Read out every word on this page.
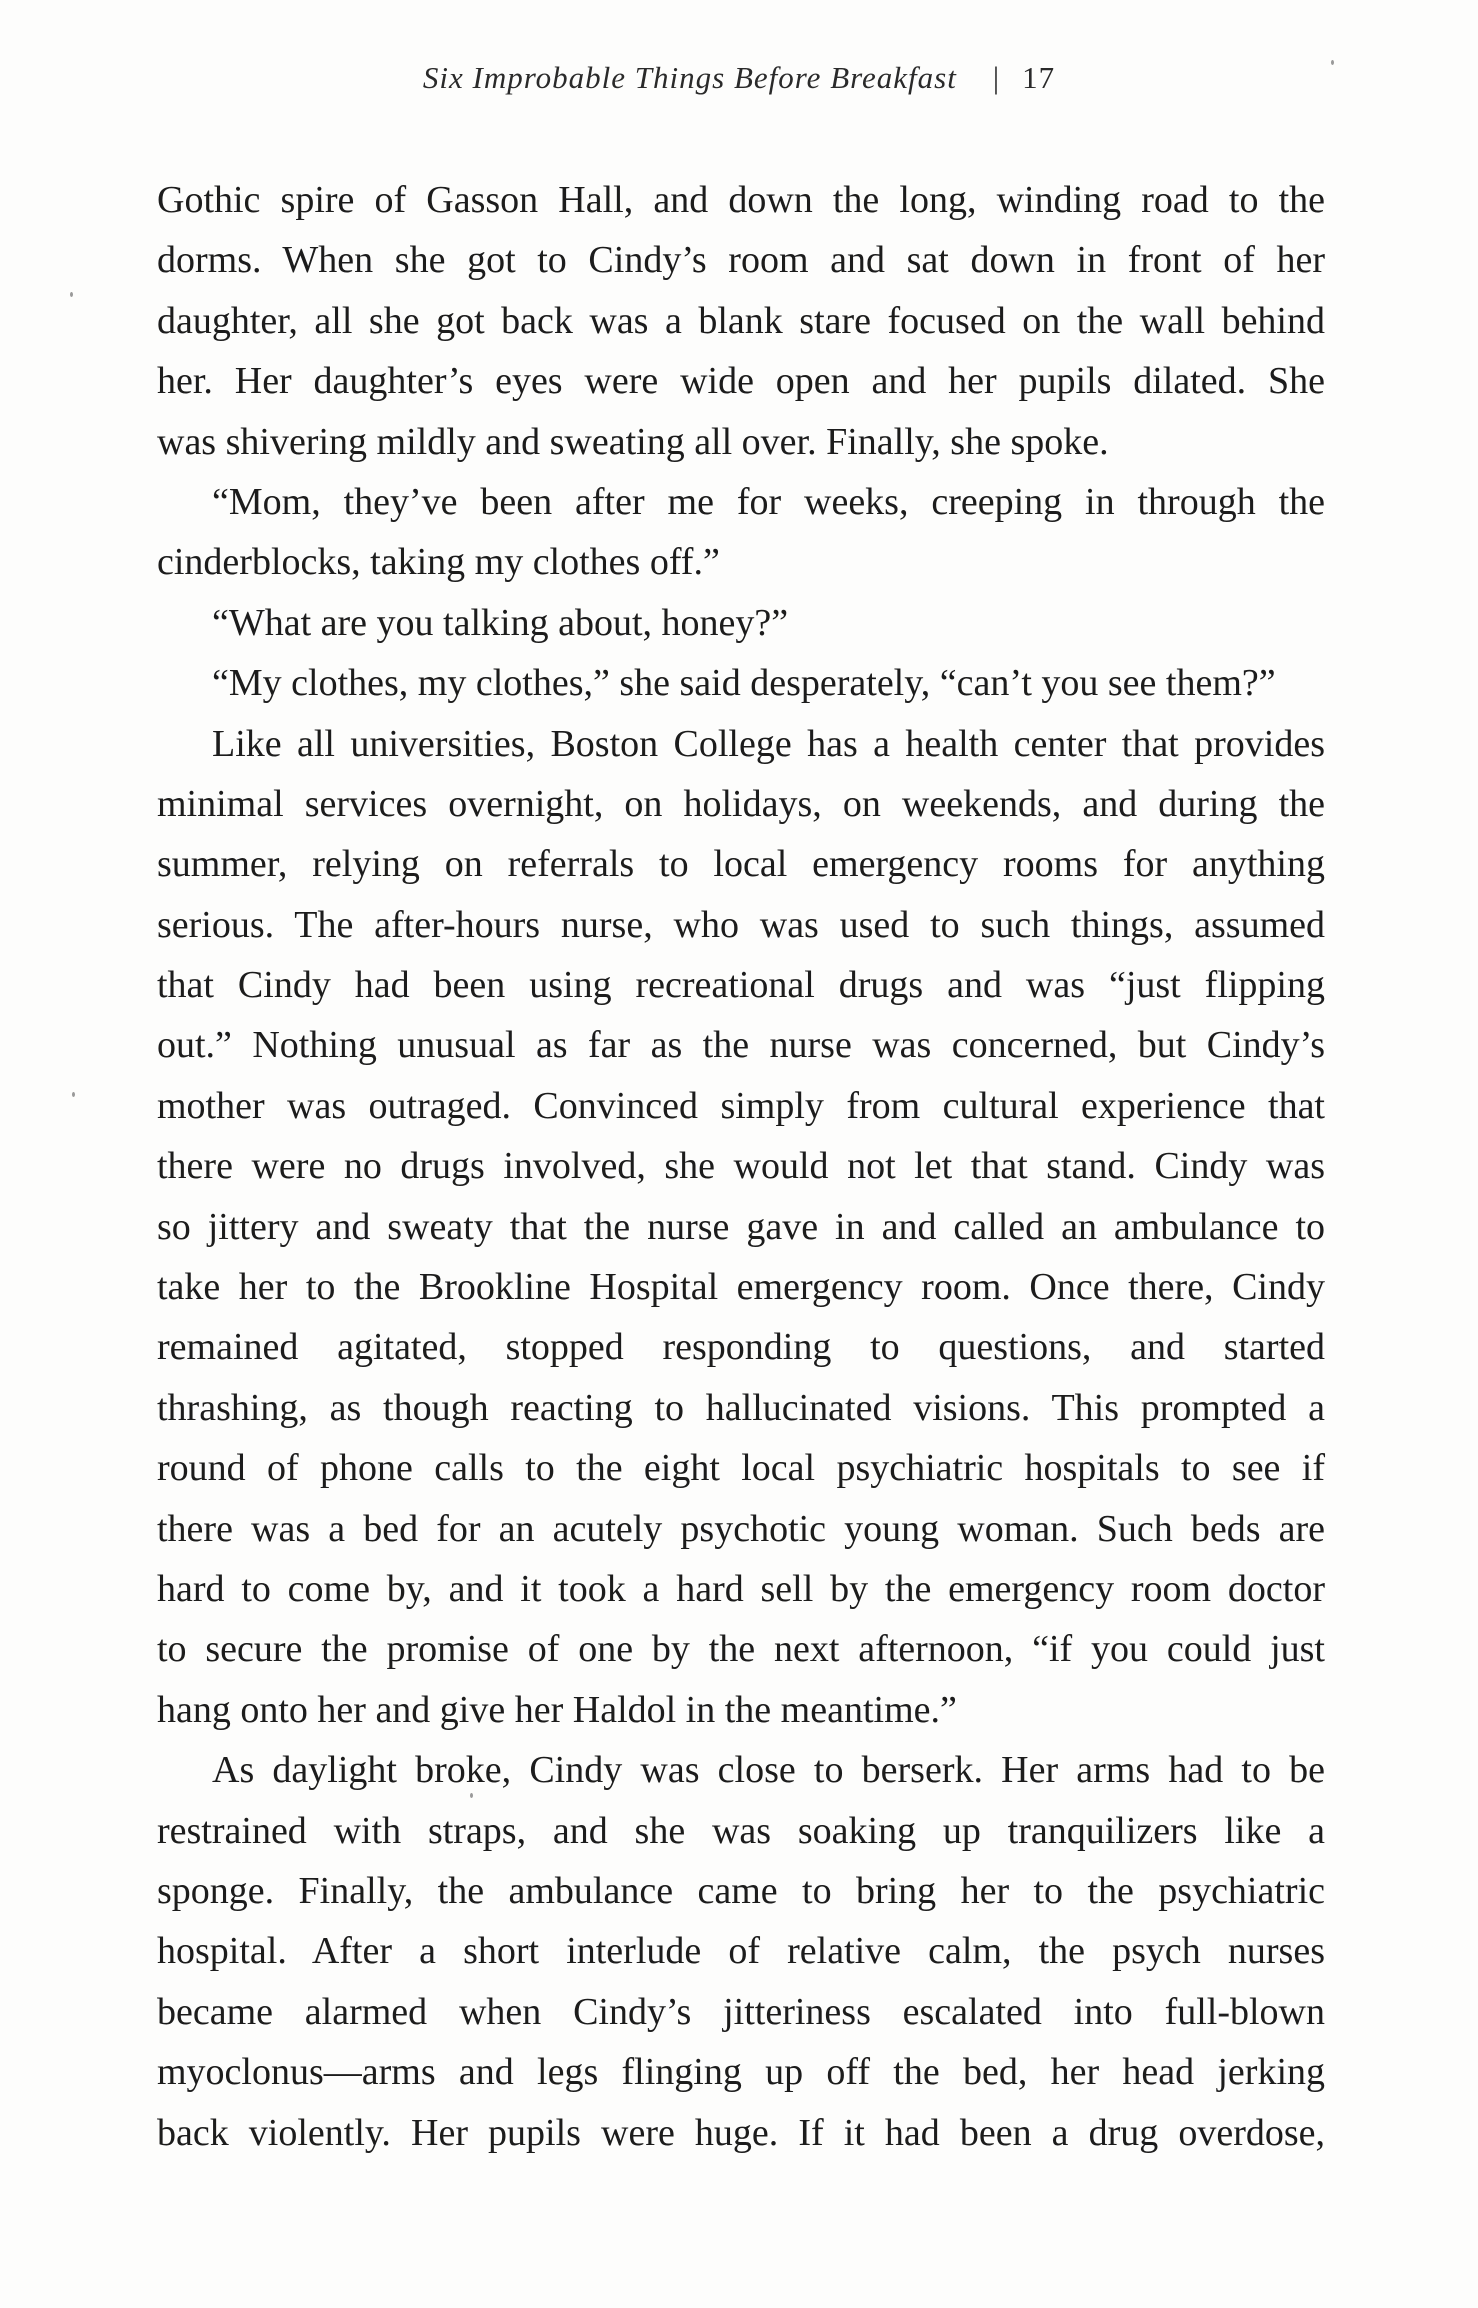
Six Improbable Things Before Breakfast | 17
Gothic spire of Gasson Hall, and down the long, winding road to the
dorms. When she got to Cindy’s room and sat down in front of her
daughter, all she got back was a blank stare focused on the wall behind
her. Her daughter’s eyes were wide open and her pupils dilated. She
was shivering mildly and sweating all over. Finally, she spoke.
“Mom, they’ve been after me for weeks, creeping in through the
cinderblocks, taking my clothes off.”
“What are you talking about, honey?”
“My clothes, my clothes,” she said desperately, “can’t you see them?”
Like all universities, Boston College has a health center that provides
minimal services overnight, on holidays, on weekends, and during the
summer, relying on referrals to local emergency rooms for anything
serious. The after-hours nurse, who was used to such things, assumed
that Cindy had been using recreational drugs and was “just flipping
out.” Nothing unusual as far as the nurse was concerned, but Cindy’s
mother was outraged. Convinced simply from cultural experience that
there were no drugs involved, she would not let that stand. Cindy was
so jittery and sweaty that the nurse gave in and called an ambulance to
take her to the Brookline Hospital emergency room. Once there, Cindy
remained agitated, stopped responding to questions, and started
thrashing, as though reacting to hallucinated visions. This prompted a
round of phone calls to the eight local psychiatric hospitals to see if
there was a bed for an acutely psychotic young woman. Such beds are
hard to come by, and it took a hard sell by the emergency room doctor
to secure the promise of one by the next afternoon, “if you could just
hang onto her and give her Haldol in the meantime.”
As daylight broke, Cindy was close to berserk. Her arms had to be
restrained with straps, and she was soaking up tranquilizers like a
sponge. Finally, the ambulance came to bring her to the psychiatric
hospital. After a short interlude of relative calm, the psych nurses
became alarmed when Cindy’s jitteriness escalated into full-blown
myoclonus—arms and legs flinging up off the bed, her head jerking
back violently. Her pupils were huge. If it had been a drug overdose,
